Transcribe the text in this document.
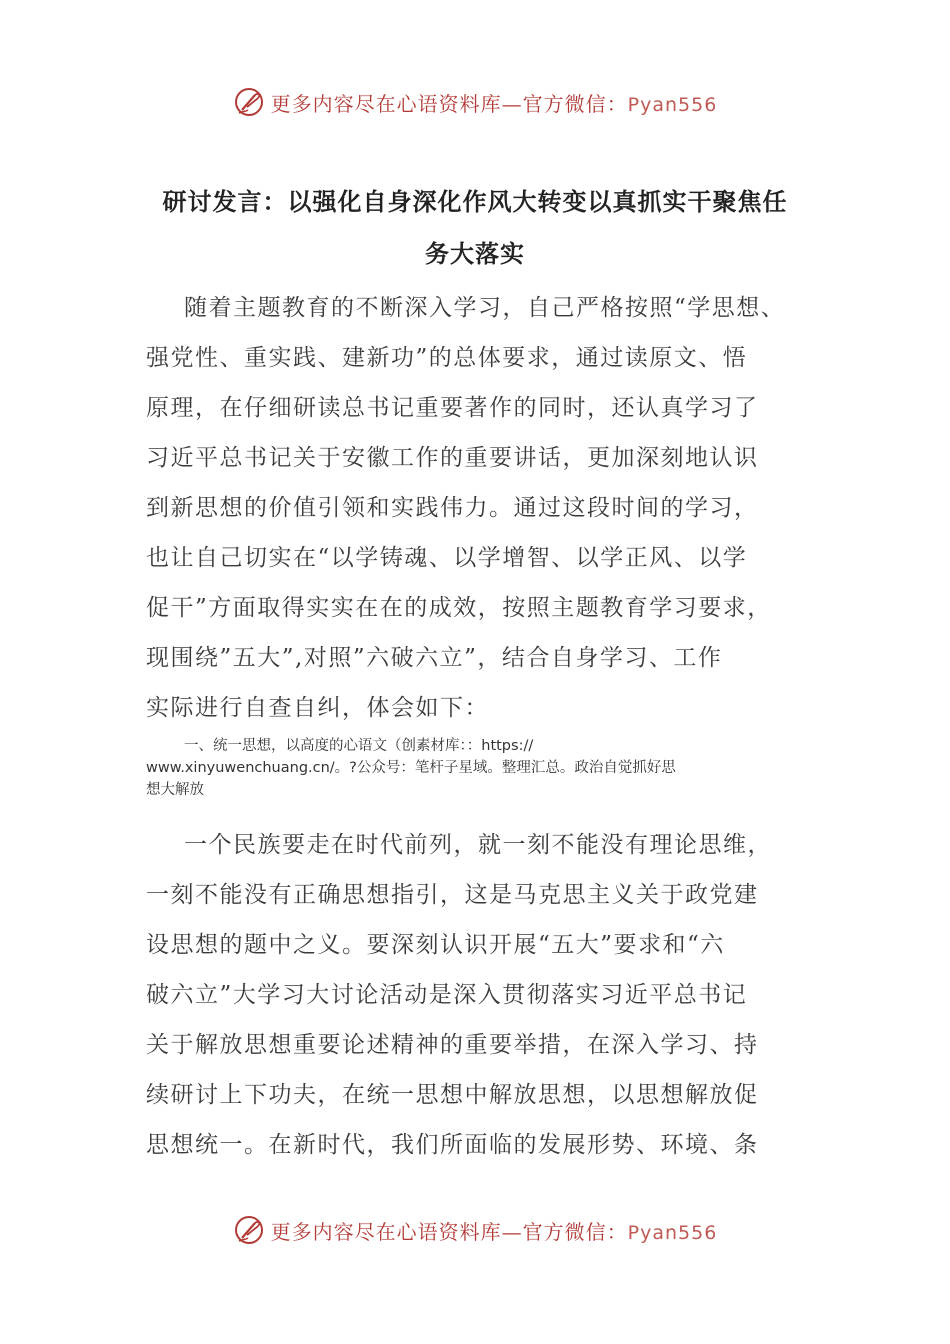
更多内容尽在心语资料库—官方微信：Pyan556
研讨发言：以强化自身深化作风大转变以真抓实干聚焦任
务大落实
随着主题教育的不断深入学习，自己严格按照“学思想、
强党性、重实践、建新功”的总体要求，通过读原文、悟
原理，在仔细研读总书记重要著作的同时，还认真学习了
习近平总书记关于安徽工作的重要讲话，更加深刻地认识
到新思想的价值引领和实践伟力。通过这段时间的学习，
也让自己切实在“以学铸魂、以学增智、以学正风、以学
促干”方面取得实实在在的成效，按照主题教育学习要求，
现围绕”五大”,对照”六破六立”，结合自身学习、工作
实际进行自查自纠，体会如下：
一、统一思想，以高度的心语文（创素材库：：https://
www.xinyuwenchuang.cn/。?公众号：笔杆子星域。整理汇总。政治自觉抓好思
想大解放
一个民族要走在时代前列，就一刻不能没有理论思维，
一刻不能没有正确思想指引，这是马克思主义关于政党建
设思想的题中之义。要深刻认识开展“五大”要求和“六
破六立”大学习大讨论活动是深入贯彻落实习近平总书记
关于解放思想重要论述精神的重要举措，在深入学习、持
续研讨上下功夫，在统一思想中解放思想，以思想解放促
思想统一。在新时代，我们所面临的发展形势、环境、条
更多内容尽在心语资料库—官方微信：Pyan556
